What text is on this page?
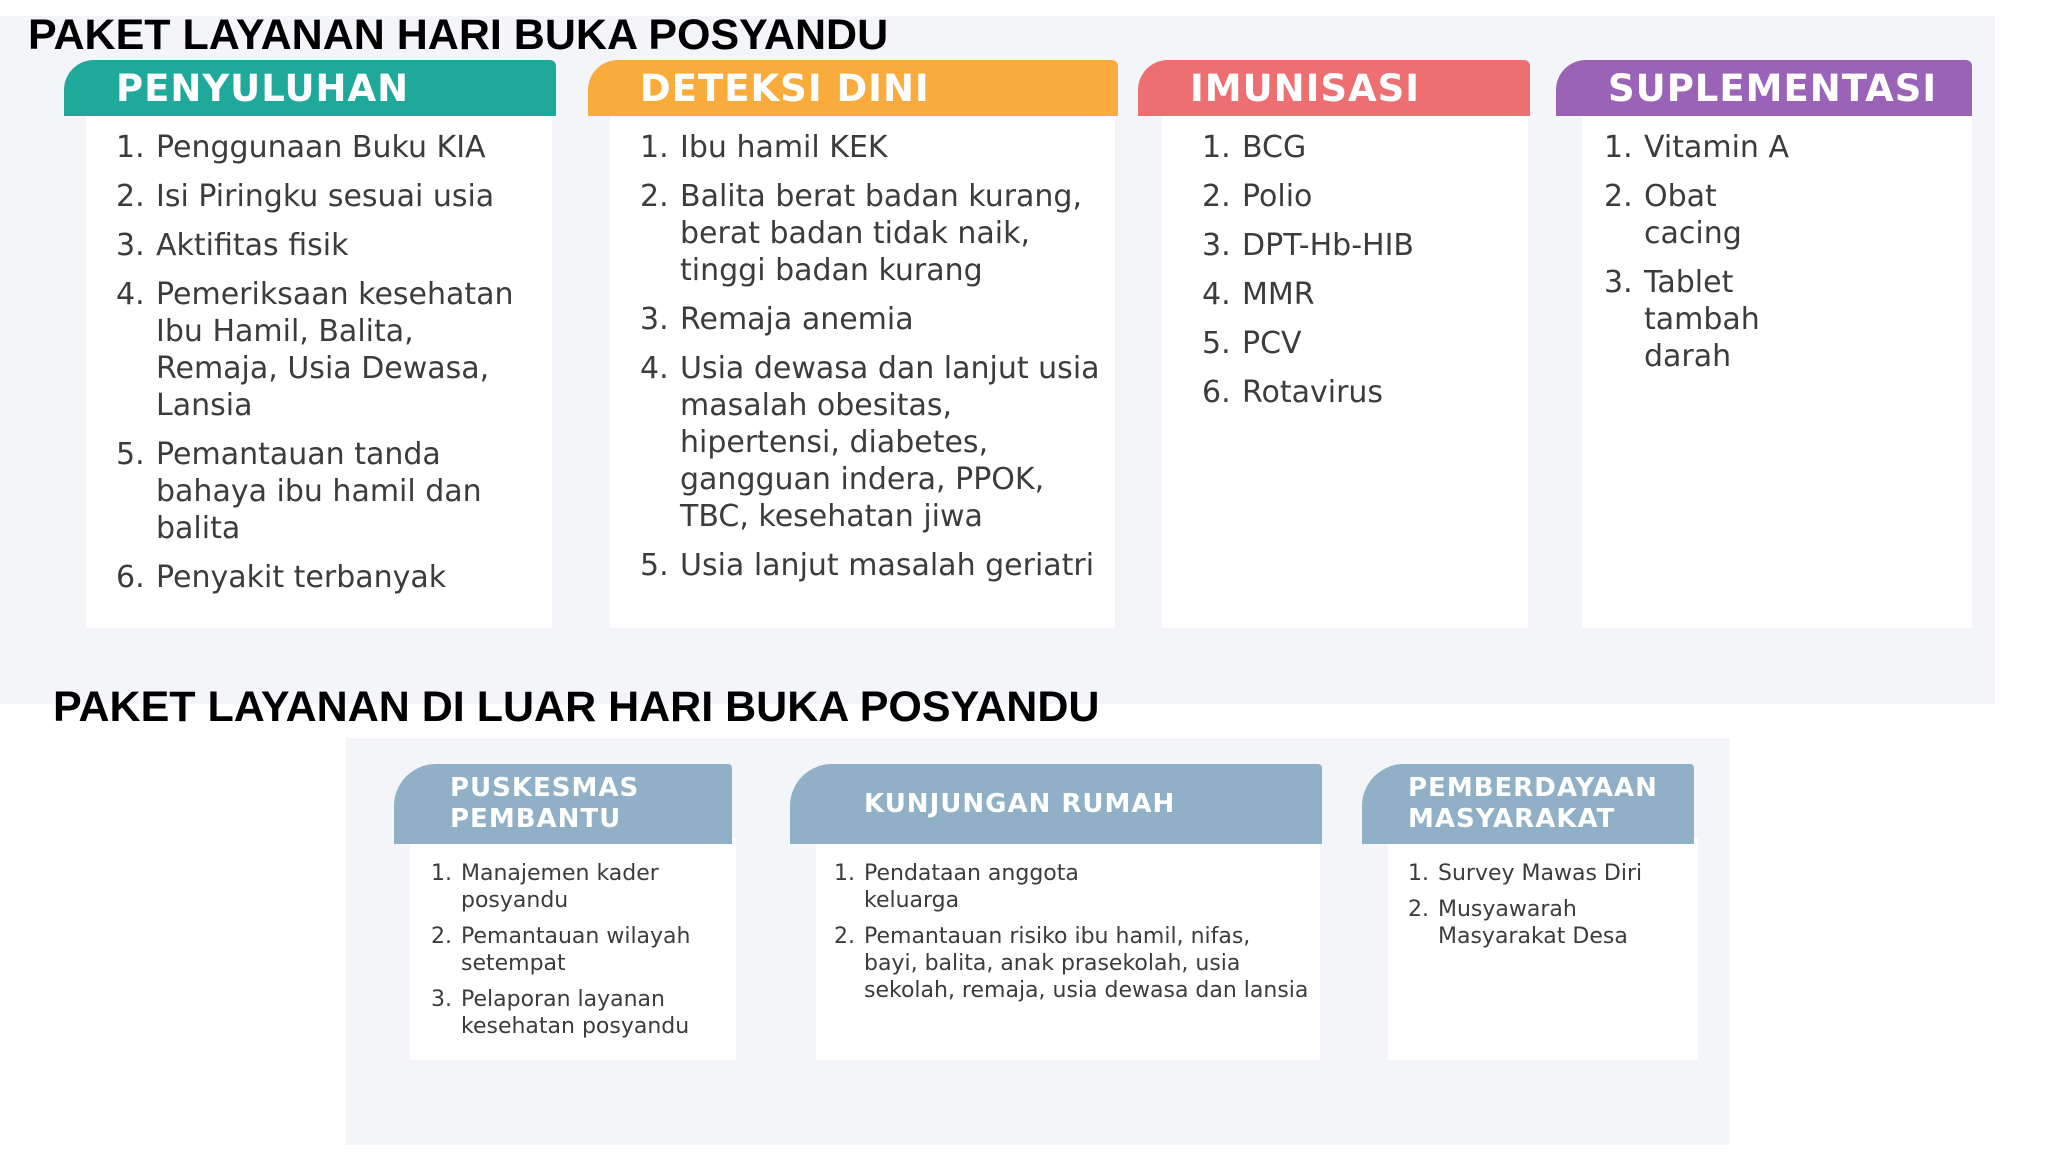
PAKET LAYANAN HARI BUKA POSYANDU
PAKET LAYANAN DI LUAR HARI BUKA POSYANDU
PENYULUHAN	DETEKSI DINI	IMUNISASI	SUPLEMENTASI
1. Penggunaan Buku KIA
2. Isi Piringku sesuai usia
3. Aktifitas fisik
4. Pemeriksaan kesehatan Ibu Hamil, Balita, Remaja, Usia Dewasa, Lansia
5. Pemantauan tanda bahaya ibu hamil dan balita
6. Penyakit terbanyak
1. Ibu hamil KEK
2. Balita berat badan kurang, berat badan tidak naik, tinggi badan kurang
3. Remaja anemia
4. Usia dewasa dan lanjut usia masalah obesitas, hipertensi, diabetes, gangguan indera, PPOK, TBC, kesehatan jiwa
5. Usia lanjut masalah geriatri
1. BCG
2. Polio
3. DPT-Hb-HIB
4. MMR
5. PCV
6. Rotavirus
1. Vitamin A
2. Obat cacing
3. Tablet tambah darah
PUSKESMAS
PEMBANTU
KUNJUNGAN RUMAH
PEMBERDAYAAN
MASYARAKAT
1. Manajemen kader posyandu
2. Pemantauan wilayah setempat
3. Pelaporan layanan kesehatan posyandu
1. Pendataan anggota keluarga
2. Pemantauan risiko ibu hamil, nifas, bayi, balita, anak prasekolah, usia sekolah, remaja, usia dewasa dan lansia
1. Survey Mawas Diri
2. Musyawarah Masyarakat Desa
